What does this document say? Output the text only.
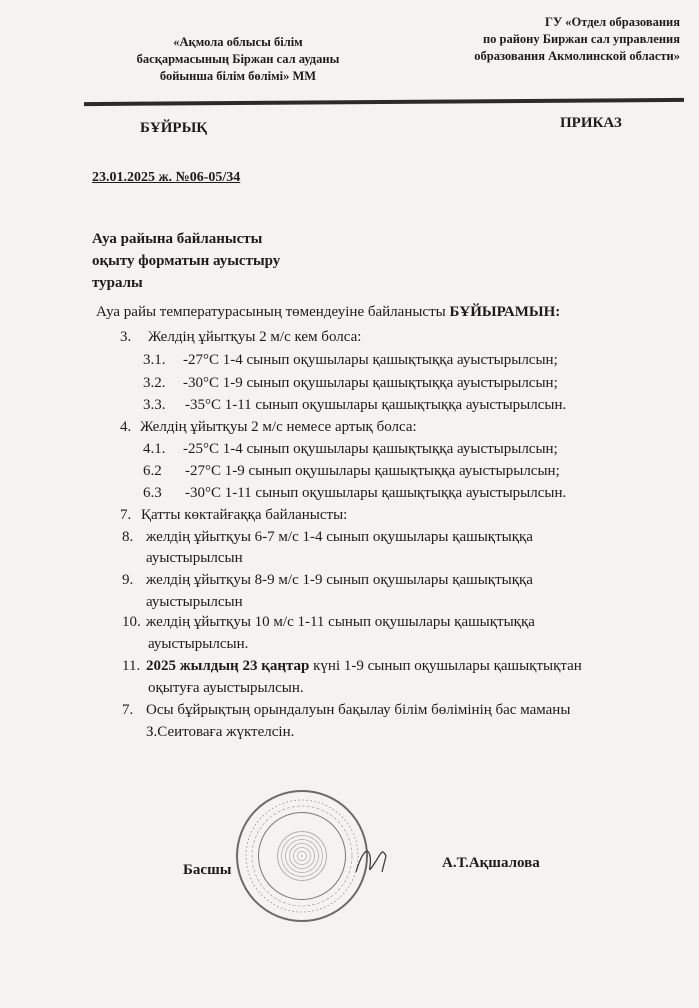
«Ақмола облысы білім
басқармасының Біржан сал ауданы
бойынша білім бөлімі» ММ
ГУ «Отдел образования
по району Биржан сал управления
образования Акмолинской области»
БҰЙРЫҚ	ПРИКАЗ
23.01.2025 ж. №06-05/34
Ауа райына байланысты
оқыту форматын ауыстыру
туралы
Ауа райы температурасының төмендеуіне байланысты БҰЙЫРАМЫН:
3. Желдің ұйытқуы 2 м/с кем болса:
3.1. -27°С 1-4 сынып оқушылары қашықтыққа ауыстырылсын;
3.2. -30°С 1-9 сынып оқушылары қашықтыққа ауыстырылсын;
3.3. -35°С 1-11 сынып оқушылары қашықтыққа ауыстырылсын.
4. Желдің ұйытқуы 2 м/с немесе артық болса:
4.1. -25°С 1-4 сынып оқушылары қашықтыққа ауыстырылсын;
6.2 -27°С 1-9 сынып оқушылары қашықтыққа ауыстырылсын;
6.3 -30°С 1-11 сынып оқушылары қашықтыққа ауыстырылсын.
7. Қатты көктайғаққа байланысты:
8. желдің ұйытқуы 6-7 м/с 1-4 сынып оқушылары қашықтыққа
ауыстырылсын
9. желдің ұйытқуы 8-9 м/с 1-9 сынып оқушылары қашықтыққа
ауыстырылсын
10. желдің ұйытқуы 10 м/с 1-11 сынып оқушылары қашықтыққа
ауыстырылсын.
11. 2025 жылдың 23 қаңтар күні 1-9 сынып оқушылары қашықтықтан
оқытуға ауыстырылсын.
7. Осы бұйрықтың орындалуын бақылау білім бөлімінің бас маманы
З.Сеитоваға жүктелсін.
Басшы	А.Т.Ақшалова
